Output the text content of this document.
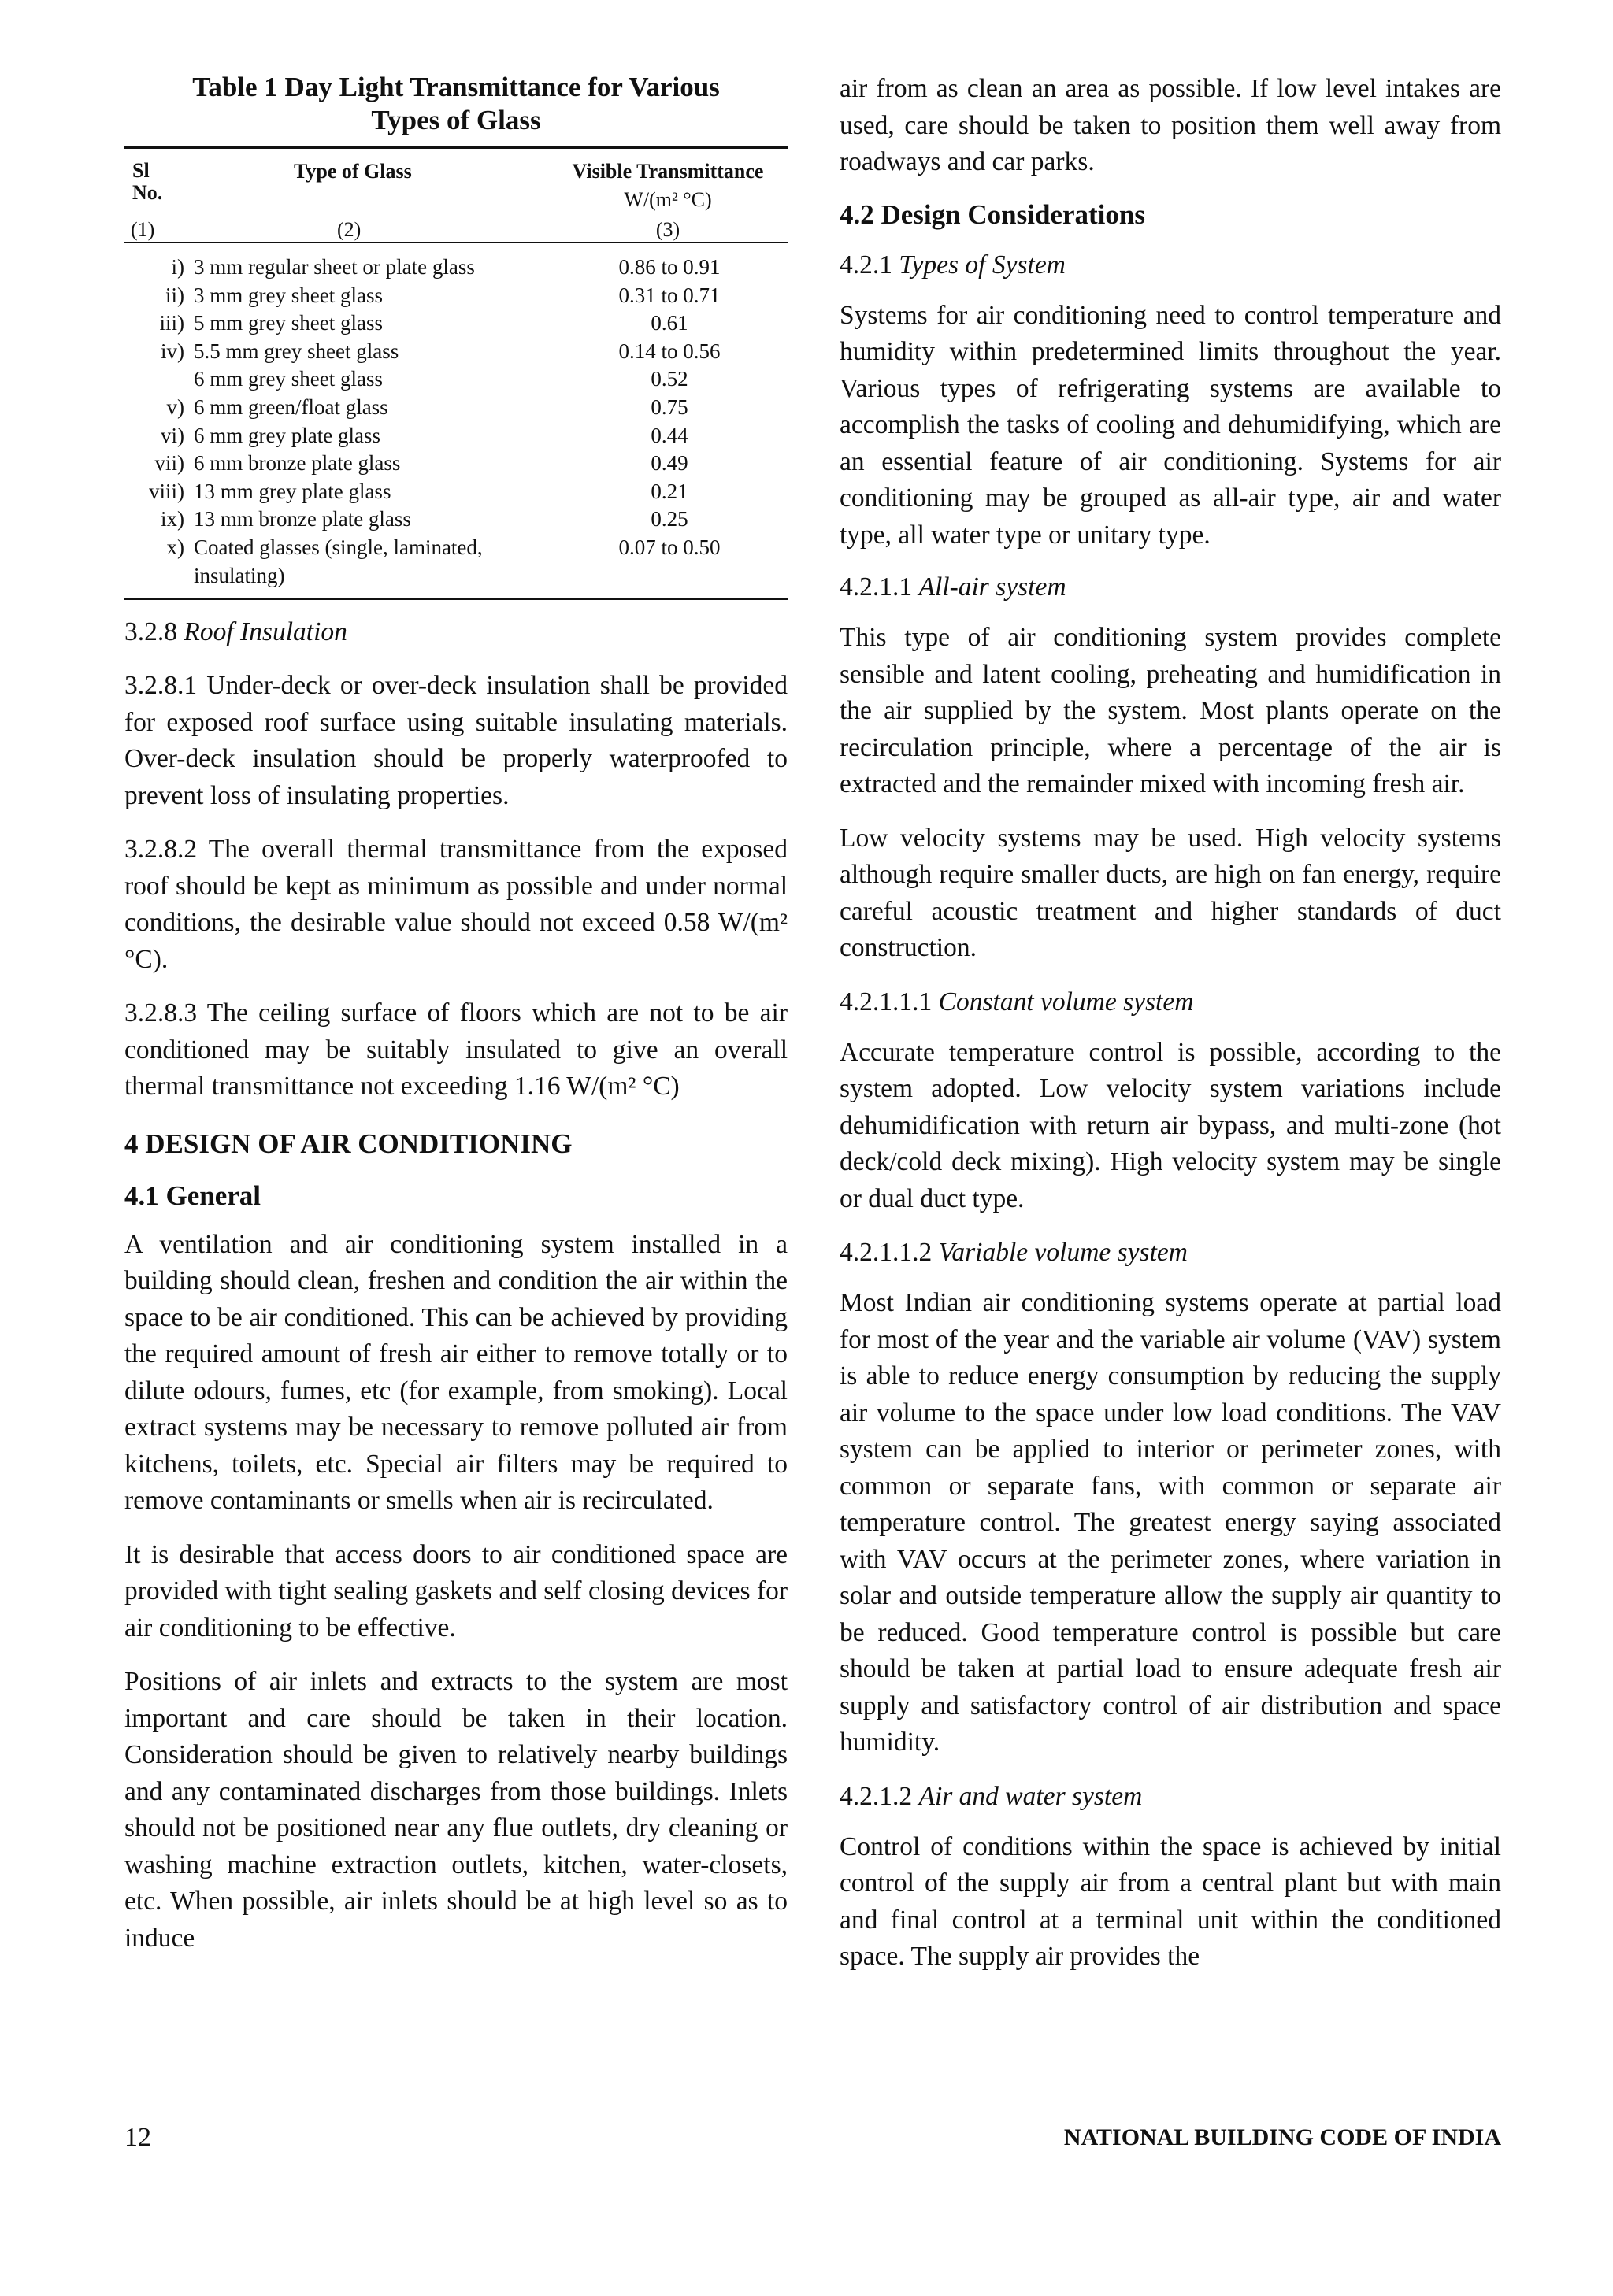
Table 1 Day Light Transmittance for Various
Types of Glass
Sl
No.
Type of Glass	Visible Transmittance
W/(m² °C)
(1)	(2)	(3)
i) 3 mm regular sheet or plate glass	0.86 to 0.91
ii) 3 mm grey sheet glass	0.31 to 0.71
iii) 5 mm grey sheet glass	0.61
iv) 5.5 mm grey sheet glass	0.14 to 0.56
6 mm grey sheet glass	0.52
v) 6 mm green/float glass	0.75
vi) 6 mm grey plate glass	0.44
vii) 6 mm bronze plate glass	0.49
viii) 13 mm grey plate glass	0.21
ix) 13 mm bronze plate glass	0.25
x) Coated glasses (single, laminated,	0.07 to 0.50
insulating)
3.2.8 Roof Insulation

3.2.8.1 Under-deck or over-deck insulation shall be provided for exposed roof surface using suitable insulating materials. Over-deck insulation should be properly waterproofed to prevent loss of insulating properties.

3.2.8.2 The overall thermal transmittance from the exposed roof should be kept as minimum as possible and under normal conditions, the desirable value should not exceed 0.58 W/(m² °C).

3.2.8.3 The ceiling surface of floors which are not to be air conditioned may be suitably insulated to give an overall thermal transmittance not exceeding 1.16 W/(m² °C)

4 DESIGN OF AIR CONDITIONING
4.1 General

A ventilation and air conditioning system installed in a building should clean, freshen and condition the air within the space to be air conditioned. This can be achieved by providing the required amount of fresh air either to remove totally or to dilute odours, fumes, etc (for example, from smoking). Local extract systems may be necessary to remove polluted air from kitchens, toilets, etc. Special air filters may be required to remove contaminants or smells when air is recirculated.

It is desirable that access doors to air conditioned space are provided with tight sealing gaskets and self closing devices for air conditioning to be effective.

Positions of air inlets and extracts to the system are most important and care should be taken in their location. Consideration should be given to relatively nearby buildings and any contaminated discharges from those buildings. Inlets should not be positioned near any flue outlets, dry cleaning or washing machine extraction outlets, kitchen, water-closets, etc. When possible, air inlets should be at high level so as to induce

air from as clean an area as possible. If low level intakes are used, care should be taken to position them well away from roadways and car parks.

4.2 Design Considerations
4.2.1 Types of System

Systems for air conditioning need to control temperature and humidity within predetermined limits throughout the year. Various types of refrigerating systems are available to accomplish the tasks of cooling and dehumidifying, which are an essential feature of air conditioning. Systems for air conditioning may be grouped as all-air type, air and water type, all water type or unitary type.

4.2.1.1 All-air system

This type of air conditioning system provides complete sensible and latent cooling, preheating and humidification in the air supplied by the system. Most plants operate on the recirculation principle, where a percentage of the air is extracted and the remainder mixed with incoming fresh air.

Low velocity systems may be used. High velocity systems although require smaller ducts, are high on fan energy, require careful acoustic treatment and higher standards of duct construction.

4.2.1.1.1 Constant volume system

Accurate temperature control is possible, according to the system adopted. Low velocity system variations include dehumidification with return air bypass, and multi-zone (hot deck/cold deck mixing). High velocity system may be single or dual duct type.

4.2.1.1.2 Variable volume system

Most Indian air conditioning systems operate at partial load for most of the year and the variable air volume (VAV) system is able to reduce energy consumption by reducing the supply air volume to the space under low load conditions. The VAV system can be applied to interior or perimeter zones, with common or separate fans, with common or separate air temperature control. The greatest energy saying associated with VAV occurs at the perimeter zones, where variation in solar and outside temperature allow the supply air quantity to be reduced. Good temperature control is possible but care should be taken at partial load to ensure adequate fresh air supply and satisfactory control of air distribution and space humidity.

4.2.1.2 Air and water system

Control of conditions within the space is achieved by initial control of the supply air from a central plant but with main and final control at a terminal unit within the conditioned space. The supply air provides the

12	NATIONAL BUILDING CODE OF INDIA
